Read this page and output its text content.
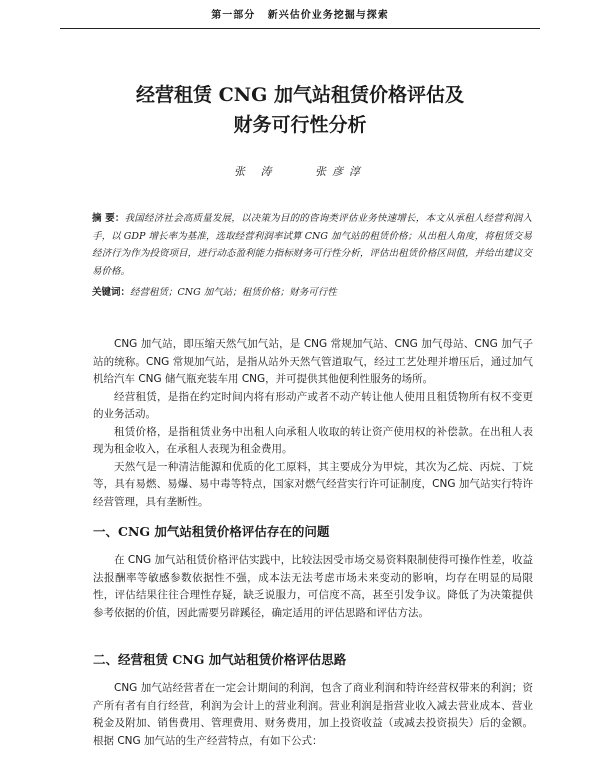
第一部分 新兴估价业务挖掘与探索
经营租赁 CNG 加气站租赁价格评估及
财务可行性分析
张 涛	张彦淳
摘 要：我国经济社会高质量发展，以决策为目的的咨询类评估业务快速增长，本文从承租人经营利润入手，以 GDP 增长率为基准，选取经营利润率试算 CNG 加气站的租赁价格；从出租人角度，将租赁交易经济行为作为投资项目，进行动态盈利能力指标财务可行性分析，评估出租赁价格区间值，并给出建议交易价格。
关键词：经营租赁；CNG 加气站；租赁价格；财务可行性

CNG 加气站，即压缩天然气加气站，是 CNG 常规加气站、CNG 加气母站、CNG 加气子站的统称。CNG 常规加气站，是指从站外天然气管道取气，经过工艺处理并增压后，通过加气机给汽车 CNG 储气瓶充装车用 CNG，并可提供其他便利性服务的场所。

经营租赁，是指在约定时间内将有形动产或者不动产转让他人使用且租赁物所有权不变更的业务活动。

租赁价格，是指租赁业务中出租人向承租人收取的转让资产使用权的补偿款。在出租人表现为租金收入，在承租人表现为租金费用。

天然气是一种清洁能源和优质的化工原料，其主要成分为甲烷，其次为乙烷、丙烷、丁烷等，具有易燃、易爆、易中毒等特点，国家对燃气经营实行许可证制度，CNG 加气站实行特许经营管理，具有垄断性。

一、CNG 加气站租赁价格评估存在的问题

在 CNG 加气站租赁价格评估实践中，比较法因受市场交易资料限制使得可操作性差，收益法报酬率等敏感参数依据性不强，成本法无法考虑市场未来变动的影响，均存在明显的局限性，评估结果往往合理性存疑，缺乏说服力，可信度不高，甚至引发争议。降低了为决策提供参考依据的价值，因此需要另辟蹊径，确定适用的评估思路和评估方法。

二、经营租赁 CNG 加气站租赁价格评估思路

CNG 加气站经营者在一定会计期间的利润，包含了商业利润和特许经营权带来的利润；资产所有者有自行经营，利润为会计上的营业利润。营业利润是指营业收入减去营业成本、营业税金及附加、销售费用、管理费用、财务费用，加上投资收益（或减去投资损失）后的金额。根据 CNG 加气站的生产经营特点，有如下公式：
